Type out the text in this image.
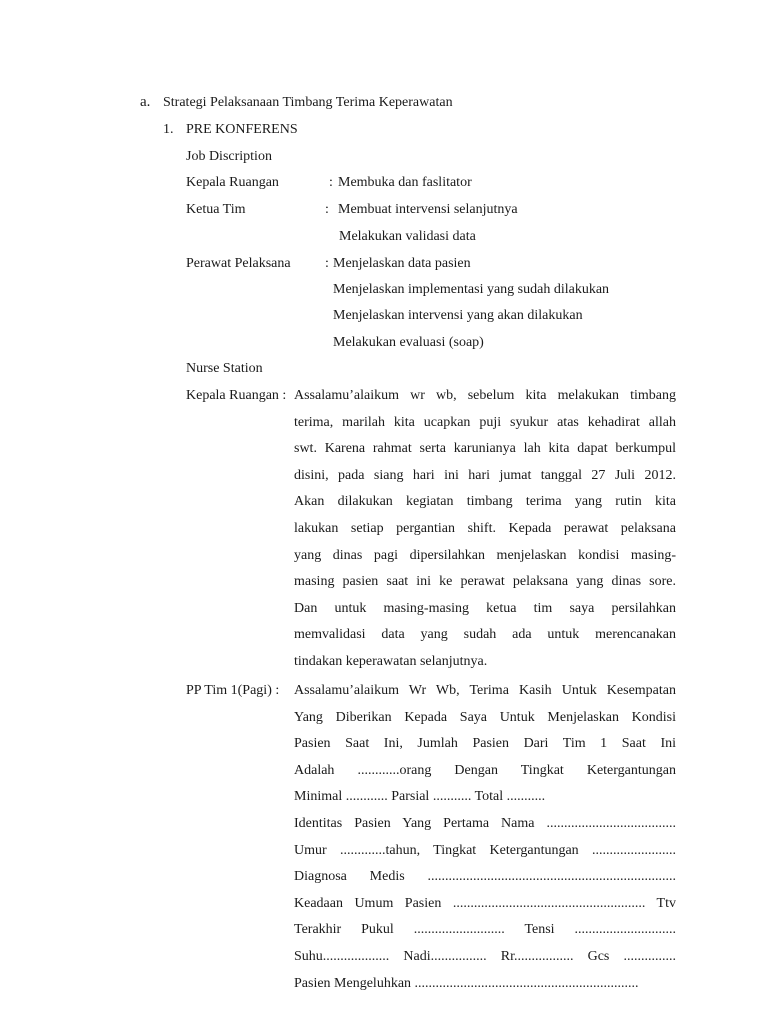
a. Strategi Pelaksanaan Timbang Terima Keperawatan
1. PRE KONFERENS
Job Discription
Kepala Ruangan	: Membuka dan faslitator
Ketua Tim	: Membuat intervensi selanjutnya
Melakukan validasi data
Perawat Pelaksana : Menjelaskan data pasien
Menjelaskan implementasi yang sudah dilakukan
Menjelaskan intervensi yang akan dilakukan
Melakukan evaluasi (soap)
Nurse Station
Kepala Ruangan : Assalamu’alaikum wr wb, sebelum kita melakukan timbang
terima, marilah kita ucapkan puji syukur atas kehadirat allah
swt. Karena rahmat serta karunianya lah kita dapat berkumpul
disini, pada siang hari ini hari jumat tanggal 27 Juli 2012.
Akan dilakukan kegiatan timbang terima yang rutin kita
lakukan setiap pergantian shift. Kepada perawat pelaksana
yang dinas pagi dipersilahkan menjelaskan kondisi masing-
masing pasien saat ini ke perawat pelaksana yang dinas sore.
Dan untuk masing-masing ketua tim saya persilahkan
memvalidasi data yang sudah ada untuk merencanakan
tindakan keperawatan selanjutnya.
PP Tim 1(Pagi) : Assalamu’alaikum Wr Wb, Terima Kasih Untuk Kesempatan
Yang Diberikan Kepada Saya Untuk Menjelaskan Kondisi
Pasien Saat Ini, Jumlah Pasien Dari Tim 1 Saat Ini
Adalah ............orang Dengan Tingkat Ketergantungan
Minimal ............ Parsial ........... Total ...........
Identitas Pasien Yang Pertama Nama .....................................
Umur .............tahun, Tingkat Ketergantungan ........................
Diagnosa Medis .......................................................................
Keadaan Umum Pasien ....................................................... Ttv
Terakhir Pukul .......................... Tensi .............................
Suhu................... Nadi................ Rr................. Gcs ...............
Pasien Mengeluhkan ................................................................
